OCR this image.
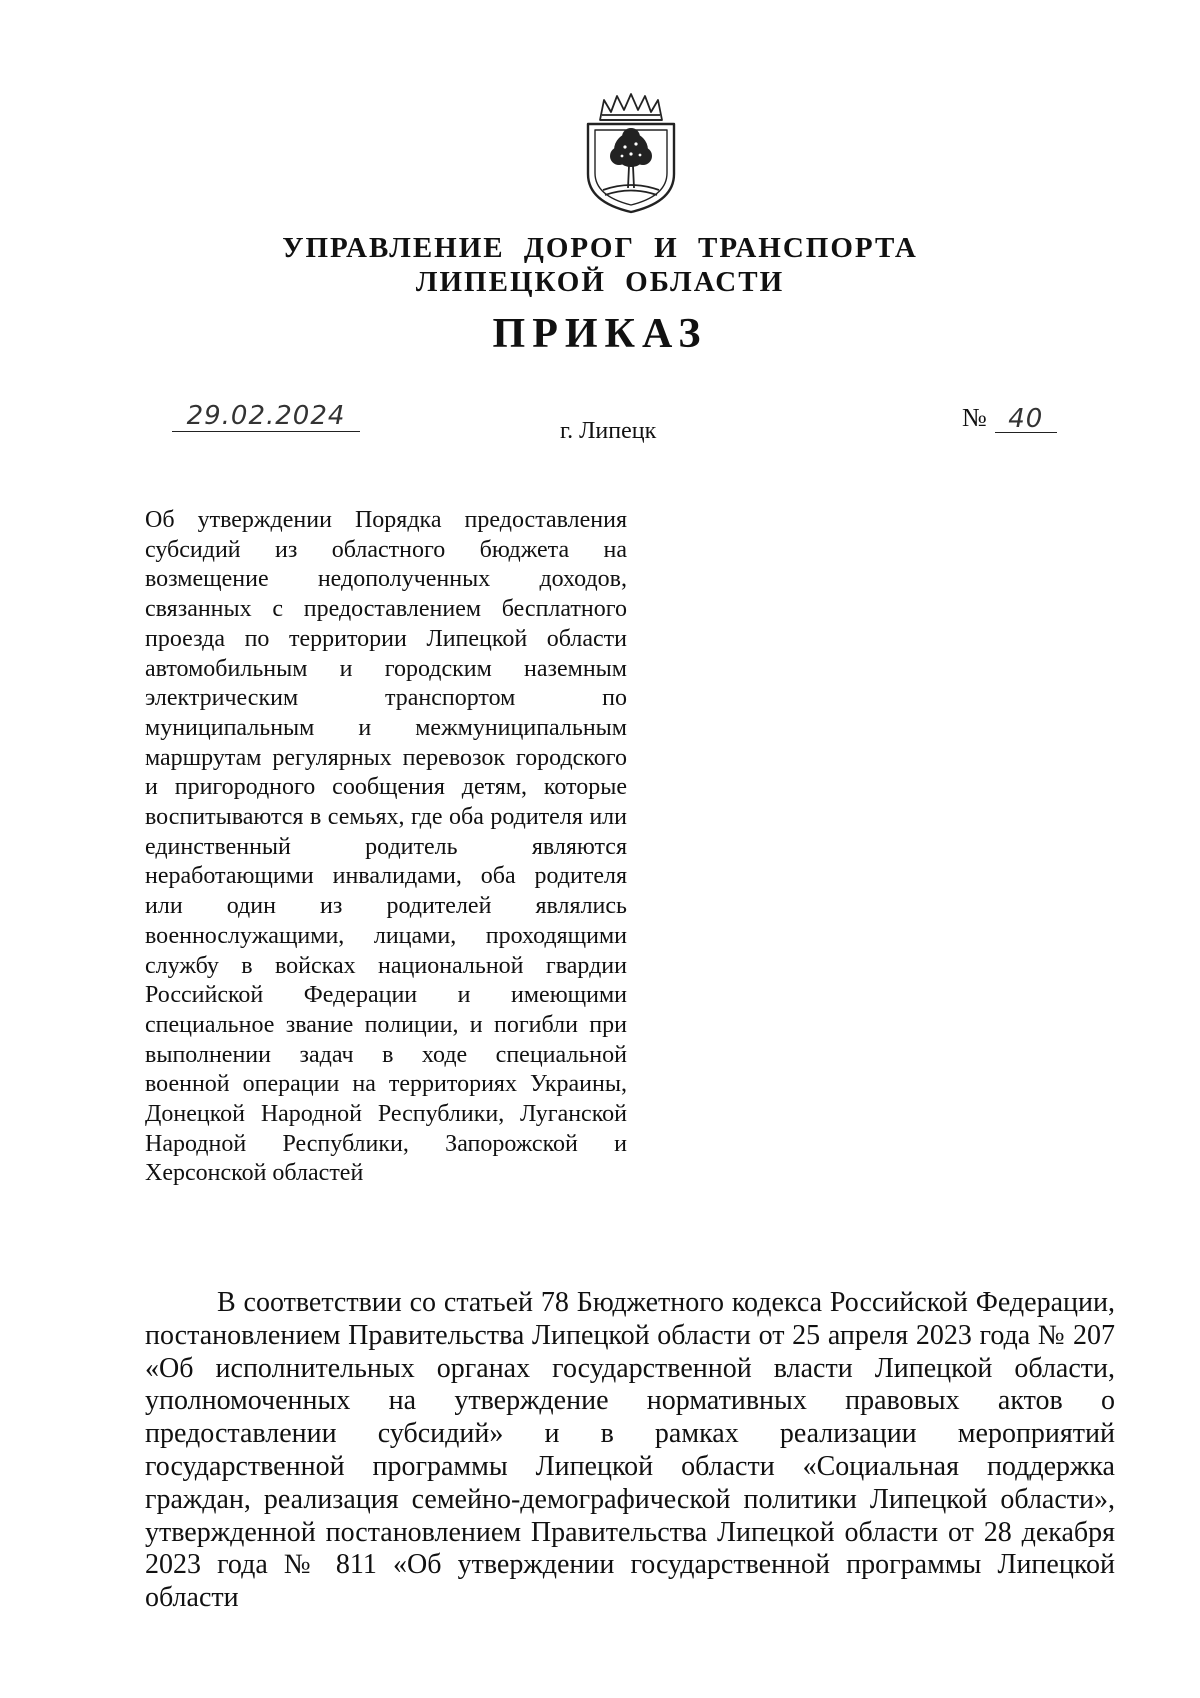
УПРАВЛЕНИЕ ДОРОГ И ТРАНСПОРТА
ЛИПЕЦКОЙ ОБЛАСТИ
ПРИКАЗ
29.02.2024	г. Липецк	№ 40

Об утверждении Порядка предоставления субсидий из областного бюджета на возмещение недополученных доходов, связанных с предоставлением бесплатного проезда по территории Липецкой области автомобильным и городским наземным электрическим транспортом по муниципальным и межмуниципальным маршрутам регулярных перевозок городского и пригородного сообщения детям, которые воспитываются в семьях, где оба родителя или единственный родитель являются неработающими инвалидами, оба родителя или один из родителей являлись военнослужащими, лицами, проходящими службу в войсках национальной гвардии Российской Федерации и имеющими специальное звание полиции, и погибли при выполнении задач в ходе специальной военной операции на территориях Украины, Донецкой Народной Республики, Луганской Народной Республики, Запорожской и Херсонской областей

В соответствии со статьей 78 Бюджетного кодекса Российской Федерации, постановлением Правительства Липецкой области от 25 апреля 2023 года № 207 «Об исполнительных органах государственной власти Липецкой области, уполномоченных на утверждение нормативных правовых актов о предоставлении субсидий» и в рамках реализации мероприятий государственной программы Липецкой области «Социальная поддержка граждан, реализация семейно-демографической политики Липецкой области», утвержденной постановлением Правительства Липецкой области от 28 декабря 2023 года № 811 «Об утверждении государственной программы Липецкой области
